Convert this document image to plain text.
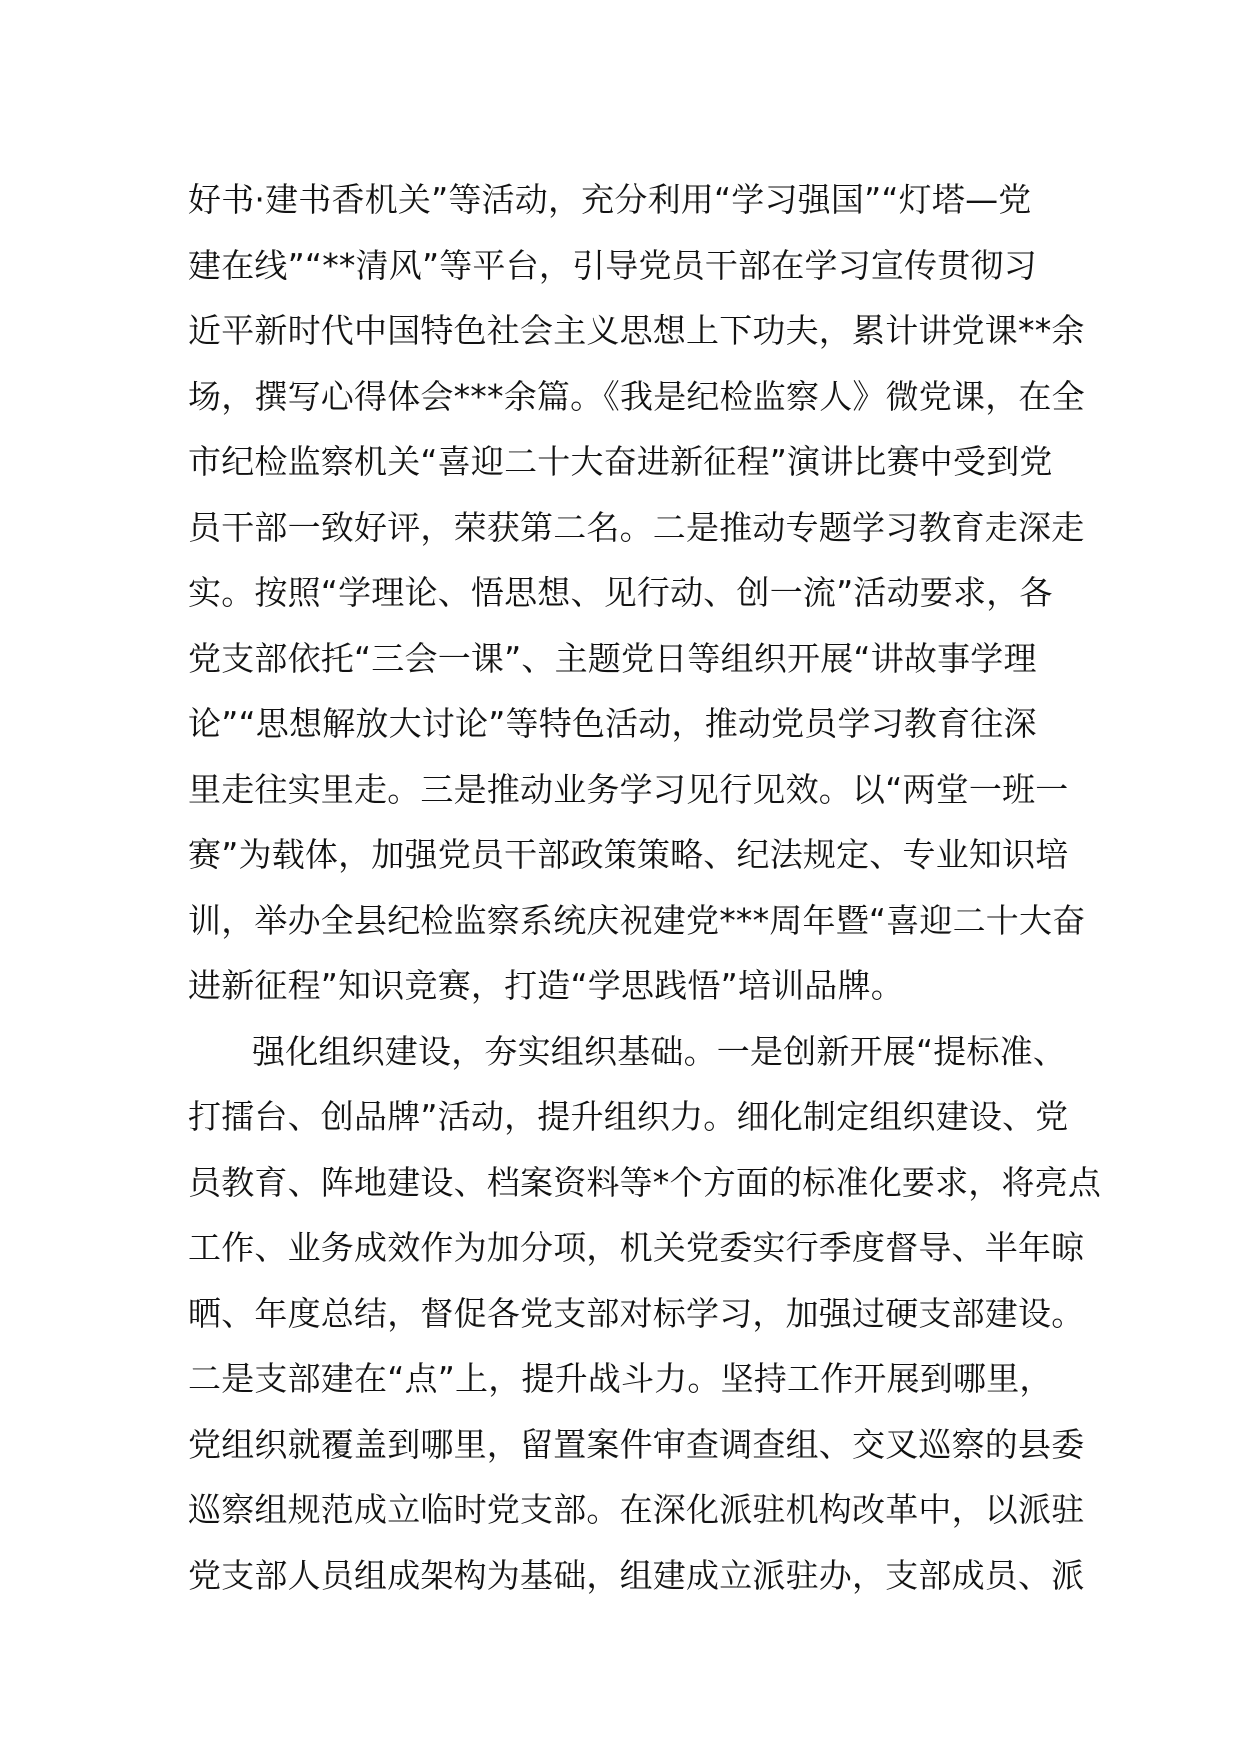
好书·建书香机关”等活动，充分利用“学习强国”“灯塔—党
建在线”“**清风”等平台，引导党员干部在学习宣传贯彻习
近平新时代中国特色社会主义思想上下功夫，累计讲党课**余
场，撰写心得体会***余篇。《我是纪检监察人》微党课，在全
市纪检监察机关“喜迎二十大奋进新征程”演讲比赛中受到党
员干部一致好评，荣获第二名。二是推动专题学习教育走深走
实。按照“学理论、悟思想、见行动、创一流”活动要求，各
党支部依托“三会一课”、主题党日等组织开展“讲故事学理
论”“思想解放大讨论”等特色活动，推动党员学习教育往深
里走往实里走。三是推动业务学习见行见效。以“两堂一班一
赛”为载体，加强党员干部政策策略、纪法规定、专业知识培
训，举办全县纪检监察系统庆祝建党***周年暨“喜迎二十大奋
进新征程”知识竞赛，打造“学思践悟”培训品牌。
强化组织建设，夯实组织基础。一是创新开展“提标准、
打擂台、创品牌”活动，提升组织力。细化制定组织建设、党
员教育、阵地建设、档案资料等*个方面的标准化要求，将亮点
工作、业务成效作为加分项，机关党委实行季度督导、半年晾
晒、年度总结，督促各党支部对标学习，加强过硬支部建设。
二是支部建在“点”上，提升战斗力。坚持工作开展到哪里，
党组织就覆盖到哪里，留置案件审查调查组、交叉巡察的县委
巡察组规范成立临时党支部。在深化派驻机构改革中，以派驻
党支部人员组成架构为基础，组建成立派驻办，支部成员、派
